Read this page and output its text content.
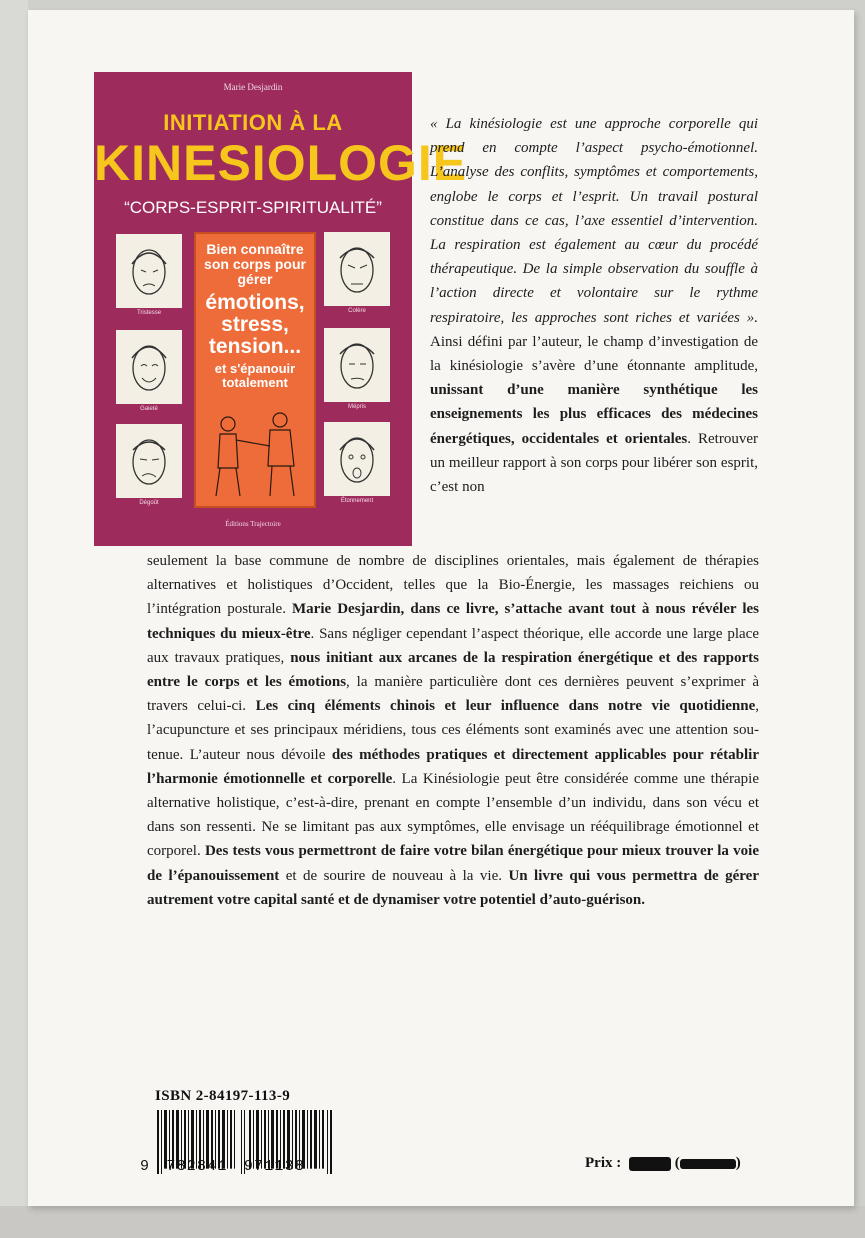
Marie Desjardin
INITIATION À LA
KINESIOLOGIE
“CORPS-ESPRIT-SPIRITUALITÉ”
Tristesse
Gaieté
Dégoût
Colère
Mépris
Étonnement
Bien connaître son corps pour gérer
émotions, stress, tension...
et s'épanouir totalement
Éditions Trajectoire
« La kinésiologie est une approche corporelle qui prend en compte l’aspect psycho-émotionnel. L’analyse des conflits, symptômes et comportements, englobe le corps et l’esprit. Un travail postural constitue dans ce cas, l’axe essentiel d’intervention. La respiration est également au cœur du procédé thérapeutique. De la simple observation du souffle à l’action directe et volontaire sur le rythme respiratoire, les approches sont riches et variées ». Ainsi défini par l’auteur, le champ d’investigation de la kinésiologie s’avère d’une étonnante amplitude, unissant d’une manière synthétique les enseignements les plus efficaces des médecines énergétiques, occidentales et orientales. Retrouver un meilleur rapport à son corps pour libérer son esprit, c’est non
seulement la base commune de nombre de disciplines orientales, mais également de thérapies alternatives et holistiques d’Occident, telles que la Bio-Énergie, les massages reichiens ou l’intégration posturale. Marie Desjardin, dans ce livre, s’attache avant tout à nous révéler les techniques du mieux-être. Sans négliger cependant l’aspect théorique, elle accorde une large place aux travaux pratiques, nous initiant aux arcanes de la respiration énergétique et des rapports entre le corps et les émotions, la manière particulière dont ces dernières peuvent s’exprimer à travers celui-ci. Les cinq éléments chinois et leur influence dans notre vie quotidienne, l’acupuncture et ses principaux méridiens, tous ces éléments sont examinés avec une attention soutenue. L’auteur nous dévoile des méthodes pratiques et directement applicables pour rétablir l’harmonie émotionnelle et corporelle. La Kinésiologie peut être considérée comme une thérapie alternative holistique, c’est-à-dire, prenant en compte l’ensemble d’un individu, dans son vécu et dans son ressenti. Ne se limitant pas aux symptômes, elle envisage un rééquilibrage émotionnel et corporel. Des tests vous permettront de faire votre bilan énergétique pour mieux trouver la voie de l’épanouissement et de sourire de nouveau à la vie. Un livre qui vous permettra de gérer autrement votre capital santé et de dynamiser votre potentiel d’auto-guérison.
ISBN 2-84197-113-9
9 782841 971138	Prix :	(	)
